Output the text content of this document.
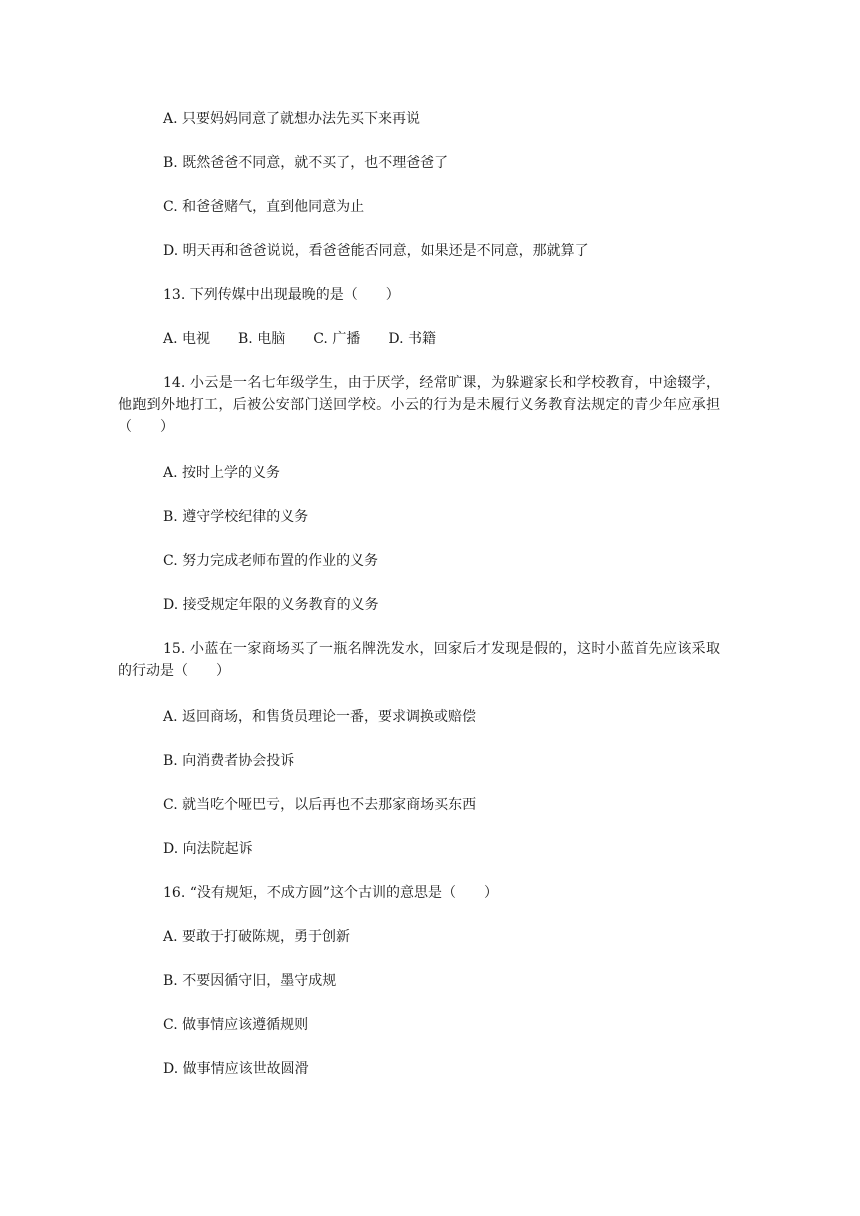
A. 只要妈妈同意了就想办法先买下来再说
B. 既然爸爸不同意，就不买了，也不理爸爸了
C. 和爸爸赌气，直到他同意为止
D. 明天再和爸爸说说，看爸爸能否同意，如果还是不同意，那就算了
13. 下列传媒中出现最晚的是（　　）
A. 电视 B. 电脑 C. 广播 D. 书籍
14. 小云是一名七年级学生，由于厌学，经常旷课，为躲避家长和学校教育，中途辍学，他跑到外地打工，后被公安部门送回学校。小云的行为是未履行义务教育法规定的青少年应承担（　　）
A. 按时上学的义务
B. 遵守学校纪律的义务
C. 努力完成老师布置的作业的义务
D. 接受规定年限的义务教育的义务
15. 小蓝在一家商场买了一瓶名牌洗发水，回家后才发现是假的，这时小蓝首先应该采取的行动是（　　）
A. 返回商场，和售货员理论一番，要求调换或赔偿
B. 向消费者协会投诉
C. 就当吃个哑巴亏，以后再也不去那家商场买东西
D. 向法院起诉
16. “没有规矩，不成方圆”这个古训的意思是（　　）
A. 要敢于打破陈规，勇于创新
B. 不要因循守旧，墨守成规
C. 做事情应该遵循规则
D. 做事情应该世故圆滑
